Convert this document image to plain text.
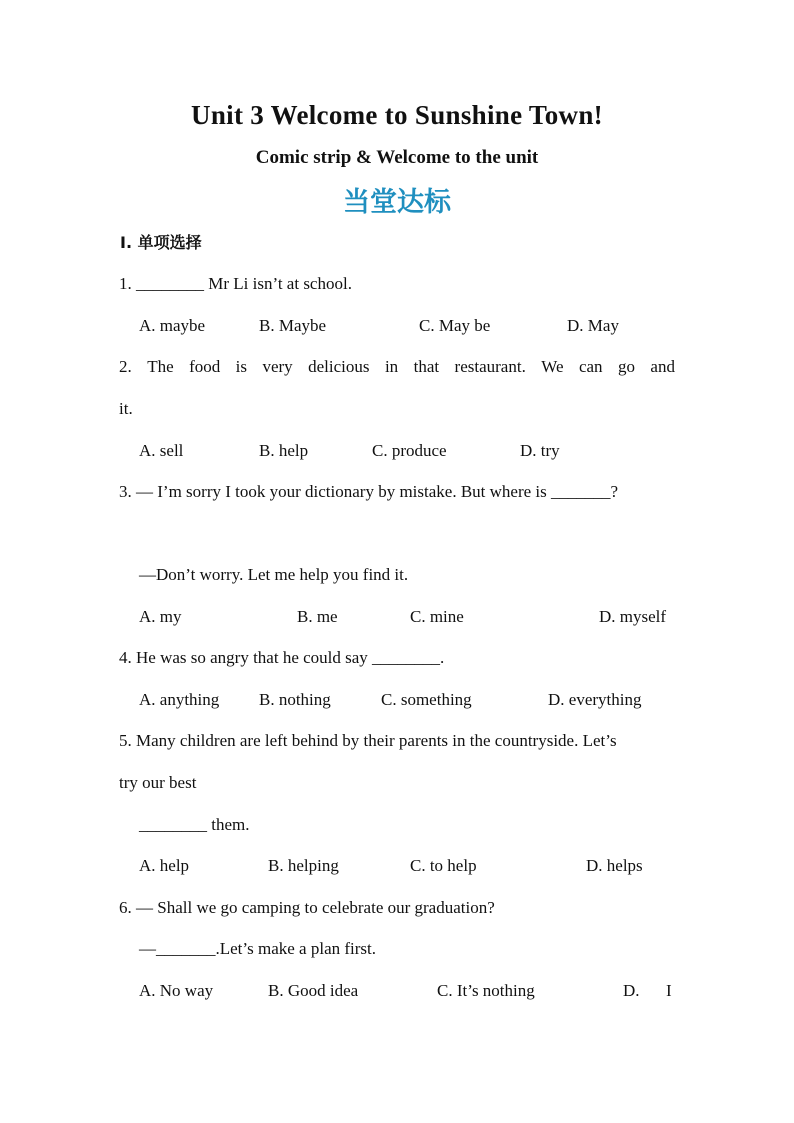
Unit 3 Welcome to Sunshine Town!
Comic strip & Welcome to the unit
当堂达标
Ⅰ. 单项选择
1. ________ Mr Li isn’t at school.
A. maybe	B. Maybe	C. May be	D. May
2. The food is very delicious in that restaurant. We can go and
it.
A. sell	B. help	C. produce	D. try
3. — I’m sorry I took your dictionary by mistake. But where is _______?
—Don’t worry. Let me help you find it.
A. my	B. me	C. mine	D. myself
4. He was so angry that he could say ________.
A. anything B. nothing	C. something	D. everything
5. Many children are left behind by their parents in the countryside. Let’s
try our best
________ them.
A. help	B. helping	C. to help	D. helps
6. — Shall we go camping to celebrate our graduation?
—_______.Let’s make a plan first.
A. No way	B. Good idea	C. It’s nothing	D. I
